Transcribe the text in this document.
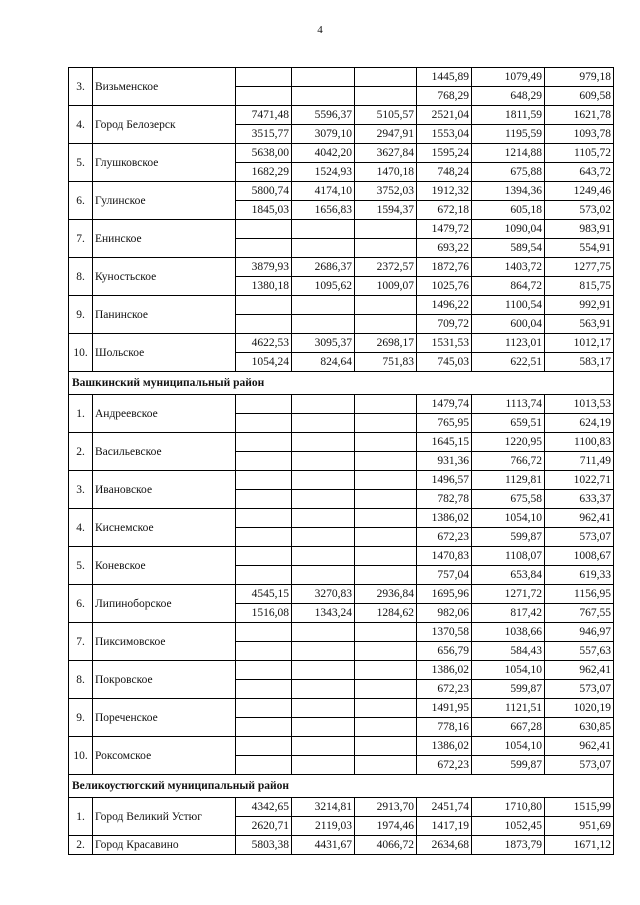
4
3.	Визьменское				1445,89	1079,49	979,18
					768,29	648,29	609,58
4.	Город Белозерск	7471,48	5596,37	5105,57	2521,04	1811,59	1621,78
		3515,77	3079,10	2947,91	1553,04	1195,59	1093,78
5.	Глушковское	5638,00	4042,20	3627,84	1595,24	1214,88	1105,72
		1682,29	1524,93	1470,18	748,24	675,88	643,72
6.	Гулинское	5800,74	4174,10	3752,03	1912,32	1394,36	1249,46
		1845,03	1656,83	1594,37	672,18	605,18	573,02
7.	Енинское				1479,72	1090,04	983,91
					693,22	589,54	554,91
8.	Куностьское	3879,93	2686,37	2372,57	1872,76	1403,72	1277,75
		1380,18	1095,62	1009,07	1025,76	864,72	815,75
9.	Панинское				1496,22	1100,54	992,91
					709,72	600,04	563,91
10.	Шольское	4622,53	3095,37	2698,17	1531,53	1123,01	1012,17
		1054,24	824,64	751,83	745,03	622,51	583,17
Вашкинский муниципальный район							
1.	Андреевское				1479,74	1113,74	1013,53
					765,95	659,51	624,19
2.	Васильевское				1645,15	1220,95	1100,83
					931,36	766,72	711,49
3.	Ивановское				1496,57	1129,81	1022,71
					782,78	675,58	633,37
4.	Киснемское				1386,02	1054,10	962,41
					672,23	599,87	573,07
5.	Коневское				1470,83	1108,07	1008,67
					757,04	653,84	619,33
6.	Липиноборское	4545,15	3270,83	2936,84	1695,96	1271,72	1156,95
		1516,08	1343,24	1284,62	982,06	817,42	767,55
7.	Пиксимовское				1370,58	1038,66	946,97
					656,79	584,43	557,63
8.	Покровское				1386,02	1054,10	962,41
					672,23	599,87	573,07
9.	Пореченское				1491,95	1121,51	1020,19
					778,16	667,28	630,85
10.	Роксомское				1386,02	1054,10	962,41
					672,23	599,87	573,07
Великоустюгский муниципальный район							
1.	Город Великий Устюг	4342,65	3214,81	2913,70	2451,74	1710,80	1515,99
		2620,71	2119,03	1974,46	1417,19	1052,45	951,69
2.	Город Красавино	5803,38	4431,67	4066,72	2634,68	1873,79	1671,12
